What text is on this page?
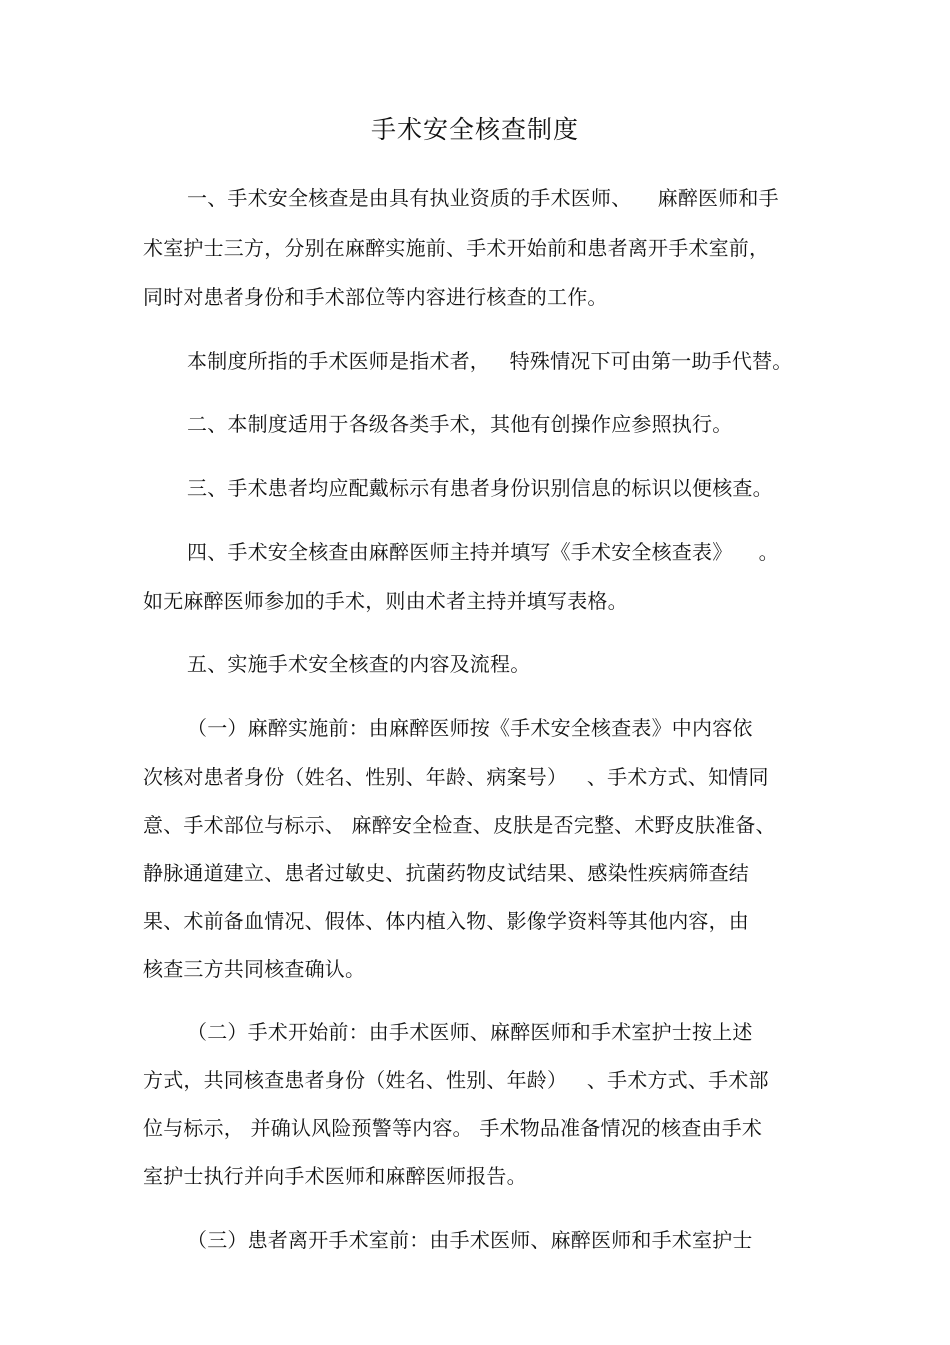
手术安全核查制度
一、手术安全核查是由具有执业资质的手术医师、    麻醉医师和手
术室护士三方，分别在麻醉实施前、手术开始前和患者离开手术室前，
同时对患者身份和手术部位等内容进行核查的工作。
本制度所指的手术医师是指术者，   特殊情况下可由第一助手代替。
二、本制度适用于各级各类手术，其他有创操作应参照执行。
三、手术患者均应配戴标示有患者身份识别信息的标识以便核查。
四、手术安全核查由麻醉医师主持并填写《手术安全核查表》    。
如无麻醉医师参加的手术，则由术者主持并填写表格。
五、实施手术安全核查的内容及流程。
（一）麻醉实施前：由麻醉医师按《手术安全核查表》中内容依
次核对患者身份（姓名、性别、年龄、病案号）   、手术方式、知情同
意、手术部位与标示、 麻醉安全检查、皮肤是否完整、术野皮肤准备、
静脉通道建立、患者过敏史、抗菌药物皮试结果、感染性疾病筛查结
果、术前备血情况、假体、体内植入物、影像学资料等其他内容，由
核查三方共同核查确认。
（二）手术开始前：由手术医师、麻醉医师和手术室护士按上述
方式，共同核查患者身份（姓名、性别、年龄）   、手术方式、手术部
位与标示， 并确认风险预警等内容。 手术物品准备情况的核查由手术
室护士执行并向手术医师和麻醉医师报告。
（三）患者离开手术室前：由手术医师、麻醉医师和手术室护士
